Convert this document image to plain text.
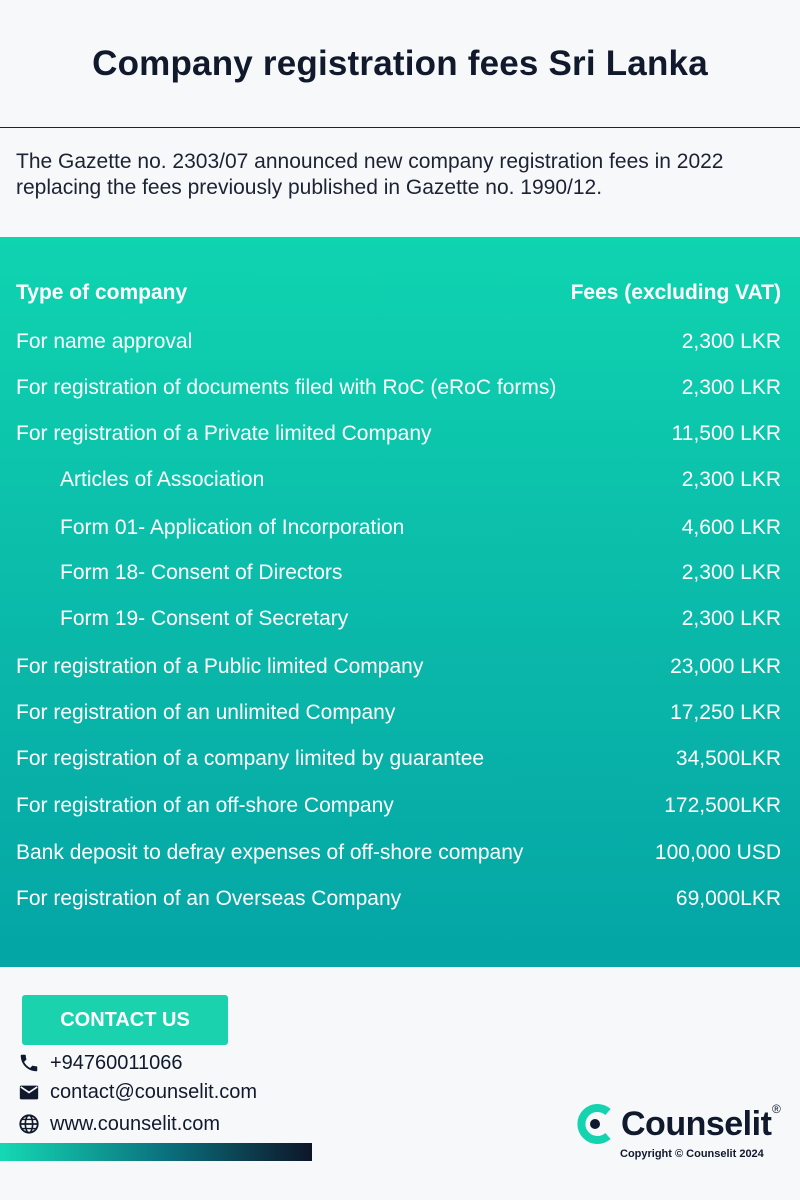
Company registration fees Sri Lanka

The Gazette no. 2303/07 announced new company registration fees in 2022 replacing the fees previously published in Gazette no. 1990/12.

Type of company	Fees (excluding VAT)
For name approval	2,300 LKR
For registration of documents filed with RoC (eRoC forms)	2,300 LKR
For registration of a Private limited Company	11,500 LKR
Articles of Association	2,300 LKR
Form 01- Application of Incorporation	4,600 LKR
Form 18- Consent of Directors	2,300 LKR
Form 19- Consent of Secretary	2,300 LKR
For registration of a Public limited Company	23,000 LKR
For registration of an unlimited Company	17,250 LKR
For registration of a company limited by guarantee	34,500LKR
For registration of an off-shore Company	172,500LKR
Bank deposit to defray expenses of off-shore company	100,000 USD
For registration of an Overseas Company	69,000LKR
CONTACT US
+94760011066
contact@counselit.com
www.counselit.com	Counselit ®
Copyright © Counselit 2024
